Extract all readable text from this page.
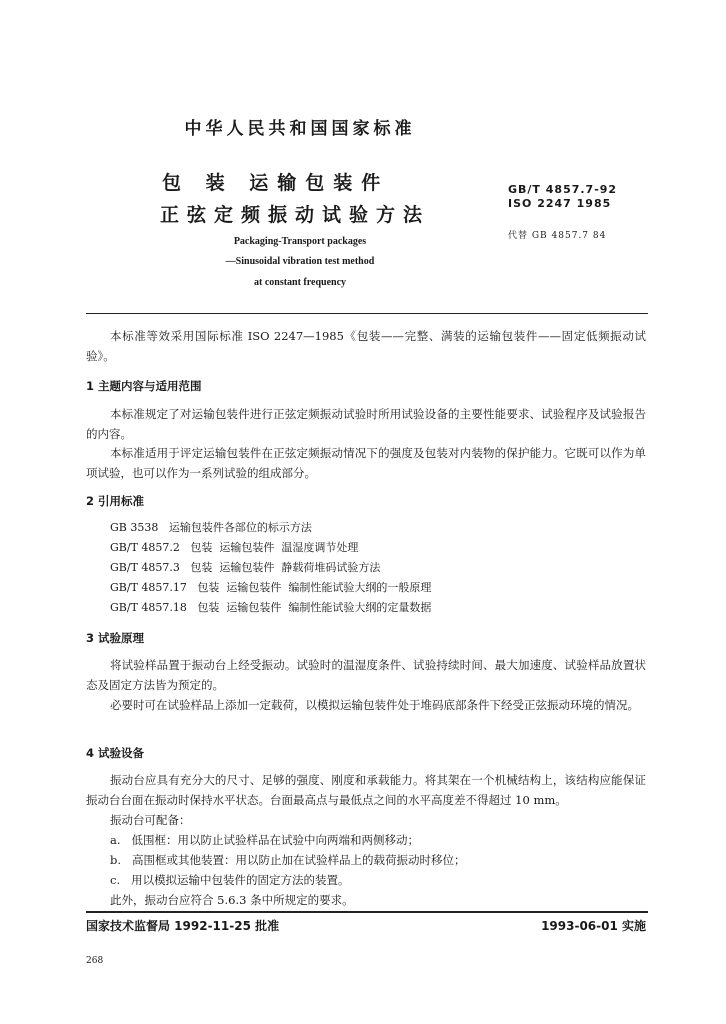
中华人民共和国国家标准
包 装 运输包装件
正弦定频振动试验方法
GB/T 4857.7-92
ISO 2247 1985
代替 GB 4857.7 84
Packaging-Transport packages
—Sinusoidal vibration test method
at constant frequency
本标准等效采用国际标准 ISO 2247—1985《包装——完整、满装的运输包装件——固定低频振动试验》。
1 主题内容与适用范围
本标准规定了对运输包装件进行正弦定频振动试验时所用试验设备的主要性能要求、试验程序及试验报告的内容。
本标准适用于评定运输包装件在正弦定频振动情况下的强度及包装对内装物的保护能力。它既可以作为单项试验，也可以作为一系列试验的组成部分。
2 引用标准
GB 3538   运输包装件各部位的标示方法
GB/T 4857.2   包装  运输包装件  温湿度调节处理
GB/T 4857.3   包装  运输包装件  静载荷堆码试验方法
GB/T 4857.17   包装  运输包装件  编制性能试验大纲的一般原理
GB/T 4857.18   包装  运输包装件  编制性能试验大纲的定量数据
3 试验原理
将试验样品置于振动台上经受振动。试验时的温湿度条件、试验持续时间、最大加速度、试验样品放置状态及固定方法皆为预定的。
必要时可在试验样品上添加一定载荷，以模拟运输包装件处于堆码底部条件下经受正弦振动环境的情况。
4 试验设备
振动台应具有充分大的尺寸、足够的强度、刚度和承载能力。将其架在一个机械结构上，该结构应能保证振动台台面在振动时保持水平状态。台面最高点与最低点之间的水平高度差不得超过 10 mm。
振动台可配备：
a.   低围框：用以防止试验样品在试验中向两端和两侧移动；
b.   高围框或其他装置：用以防止加在试验样品上的载荷振动时移位；
c.   用以模拟运输中包装件的固定方法的装置。
此外，振动台应符合 5.6.3 条中所规定的要求。
国家技术监督局 1992-11-25 批准	1993-06-01 实施
268
